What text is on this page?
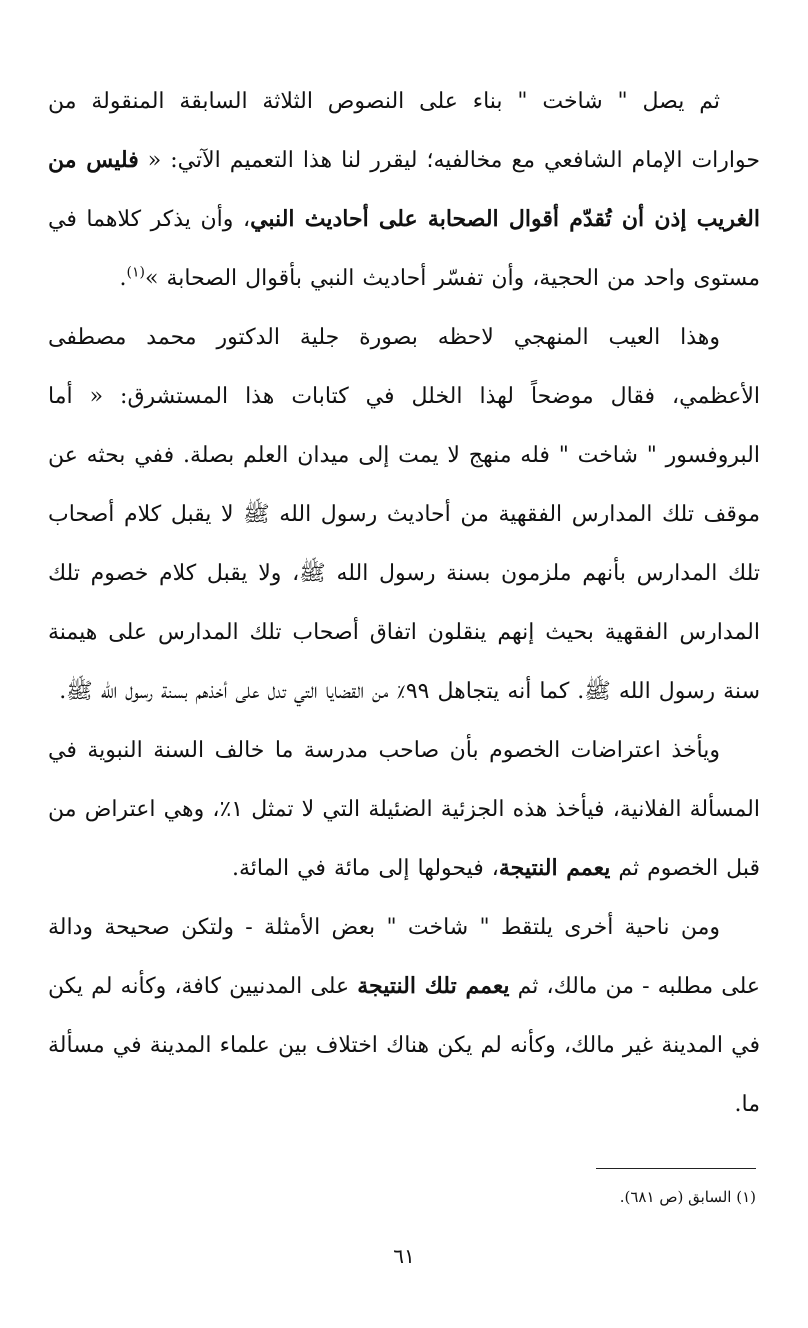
ثم يصل " شاخت " بناء على النصوص الثلاثة السابقة المنقولة من حوارات الإمام الشافعي مع مخالفيه؛ ليقرر لنا هذا التعميم الآتي: « فليس من الغريب إذن أن تُقدّم أقوال الصحابة على أحاديث النبي، وأن يذكر كلاهما في مستوى واحد من الحجية، وأن تفسّر أحاديث النبي بأقوال الصحابة »$^{(١)}$.

وهذا العيب المنهجي لاحظه بصورة جلية الدكتور محمد مصطفى الأعظمي، فقال موضحاً لهذا الخلل في كتابات هذا المستشرق: « أما البروفسور " شاخت " فله منهج لا يمت إلى ميدان العلم بصلة. ففي بحثه عن موقف تلك المدارس الفقهية من أحاديث رسول الله ﷺ لا يقبل كلام أصحاب تلك المدارس بأنهم ملزمون بسنة رسول الله ﷺ، ولا يقبل كلام خصوم تلك المدارس الفقهية بحيث إنهم ينقلون اتفاق أصحاب تلك المدارس على هيمنة سنة رسول الله ﷺ. كما أنه يتجاهل ٩٩٪ من القضايا التي تدل على أخذهم بسنة رسول الله ﷺ.

ويأخذ اعتراضات الخصوم بأن صاحب مدرسة ما خالف السنة النبوية في المسألة الفلانية، فيأخذ هذه الجزئية الضئيلة التي لا تمثل ١٪، وهي اعتراض من قبل الخصوم ثم يعمم النتيجة، فيحولها إلى مائة في المائة.

ومن ناحية أخرى يلتقط " شاخت " بعض الأمثلة - ولتكن صحيحة ودالة على مطلبه - من مالك، ثم يعمم تلك النتيجة على المدنيين كافة، وكأنه لم يكن في المدينة غير مالك، وكأنه لم يكن هناك اختلاف بين علماء المدينة في مسألة ما.

(١) السابق (ص ٦٨١).

٦١
